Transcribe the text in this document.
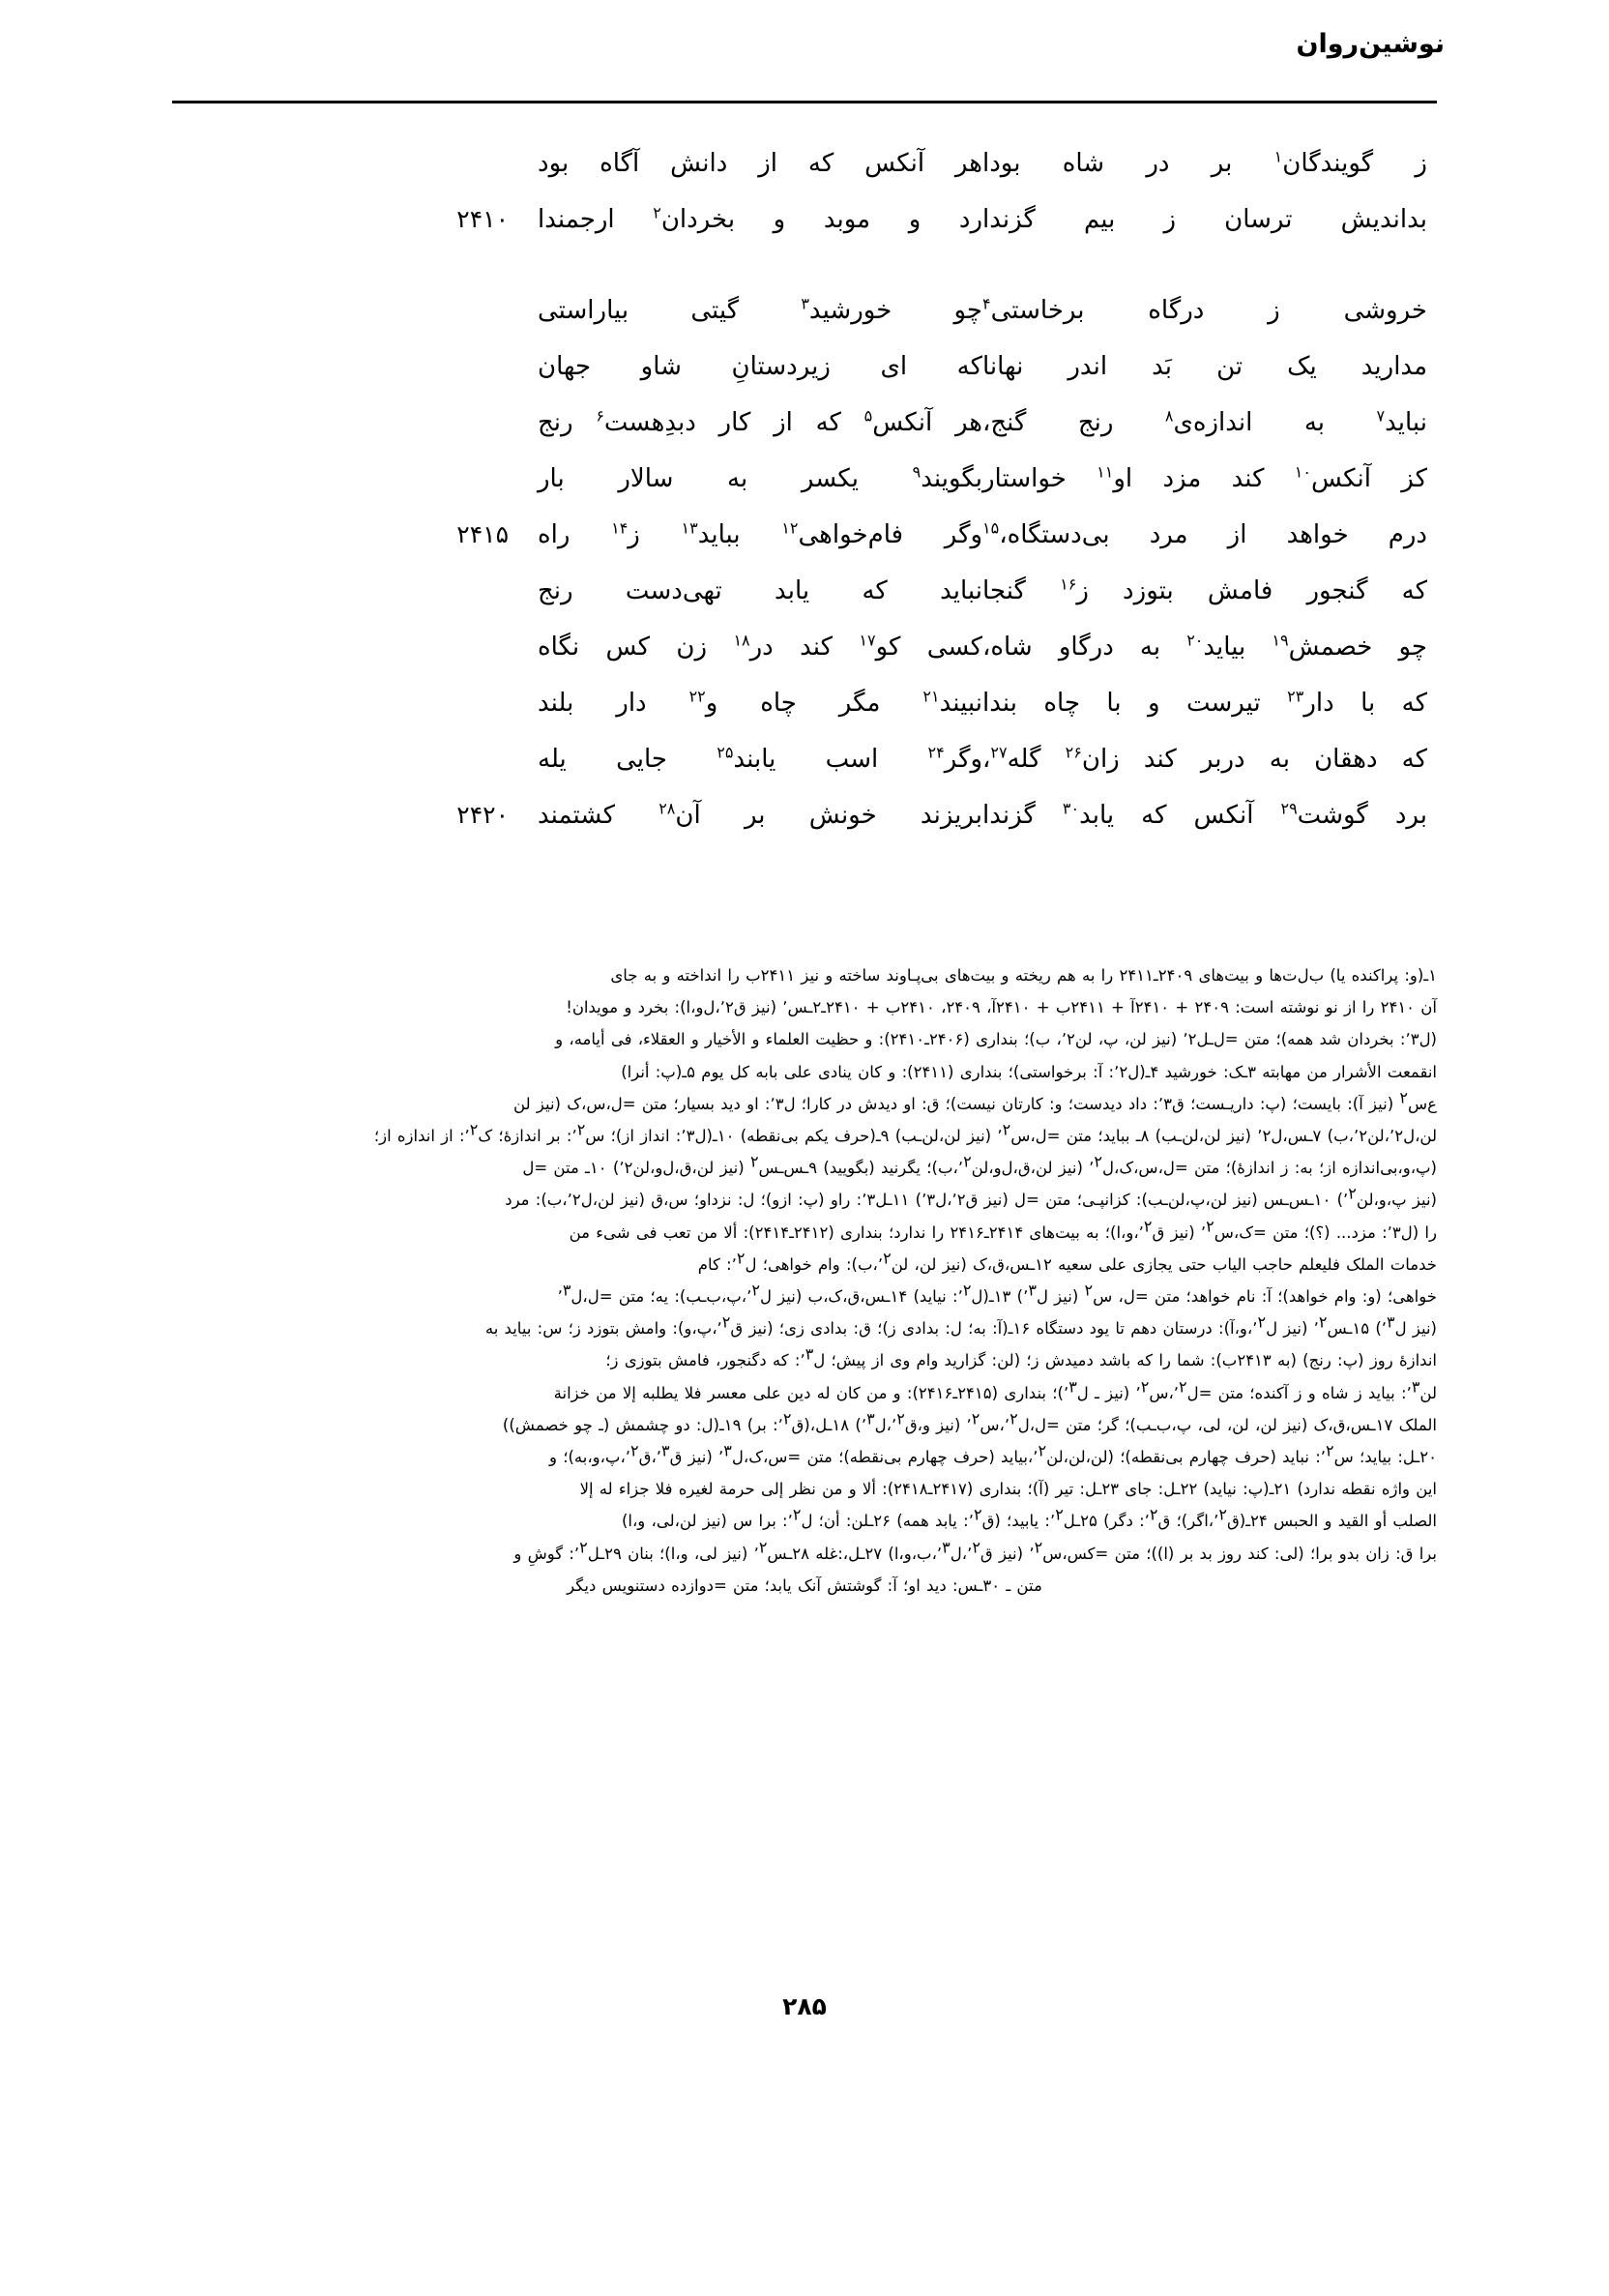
نوشین‌روان
ز گویندگان$^۱$ بر در شاه بودا
هر آنکس که از دانش آگاه بود
بداندیش ترسان ز بیم گزندا
رد و موبد و بخردان$^۲$ ارجمندا
۲۴۱۰
خروشی ز درگاه برخاستی$^۴$
چو خورشید$^۳$ گیتی بیاراستی
مدارید یک تن بَد اندر نهانا
که ای زیردستانِ شاو جهان
نباید$^۷$ به اندازه‌ی$^۸$ رنج گنج،
هر آنکس$^۵$ که از کار دبدِهست$^۶$ رنج
کز آنکس$^{۱۰}$ کند مزد او$^{۱۱}$ خواستار
بگویند$^۹$ یکسر به سالار بار
درم خواهد از مرد بی‌دستگاه،$^{۱۵}$
وگر فام‌خواهی$^{۱۲}$ بباید$^{۱۳}$ ز$^{۱۴}$ راه
۲۴۱۵
که گنجور فامش بتوزد ز$^{۱۶}$ گنجا
نباید که یابد تهی‌دست رنج
چو خصمش$^{۱۹}$ بیاید$^{۲۰}$ به درگاو شاه،
کسی کو$^{۱۷}$ کند در$^{۱۸}$ زن کس نگاه
که با دار$^{۲۳}$ تیرست و با چاه بندا
نبیند$^{۲۱}$ مگر چاه و$^{۲۲}$ دار بلند
که دهقان به دربر کند زان$^{۲۶}$ گله$^{۲۷}$،
وگر$^{۲۴}$ اسب یابند$^{۲۵}$ جایی یله
برد گوشت$^{۲۹}$ آنکس که یابد$^{۳۰}$ گزندا
بریزند خونش بر آن$^{۲۸}$ کشتمند
۲۴۲۰

۱ـ(و: پراکنده یا) ب‌ل‌ت‌ها و بیت‌های ۲۴۰۹ـ۲۴۱۱ را به هم ریخته و بیت‌های بی‌پـاوند ساخته و نیز ۲۴۱۱ب را انداخته و به جای

آن ۲۴۱۰ را از نو نوشته است: ۲۴۰۹ + ۲۴۱۰آ + ۲۴۱۱ب + ۲۴۱۰آ، ۲۴۰۹، ۲۴۱۰ب + ۲۴۱۰ـ۲ـس٬ (نیز ق٬۲،ل‌و،ا): بخرد و مویدان!

(ل٬۳: بخردان شد همه)؛ متن =ل‌ـل٬۲ (نیز لن، پ، لن٬۲، ب)؛ بنداری (۲۴۰۶ـ۲۴۱۰): و حظیت العلماء و الأخیار و العقلاء، فی أیامه، و

انقمعت الأشرار من مهابته ۳ـک: خورشید ۴ـ(ل٬۲: آ: برخواستی)؛ بنداری (۲۴۱۱): و کان ینادی علی بابه کل یوم ۵ـ(پ: أنرا)

ع‌س$^۲$ (نیز آ): بایست؛ (پ: داریـست؛ ق٬۳: داد دیدست؛ و: کارتان نیست)؛ ق: او دیدش در کارا؛ ل٬۳: او دید بسیار؛ متن =ل،س،ک (نیز لن

لن،ل٬۲،لن٬۲،ب) ۷ـس،ل٬۲ (نیز لن،لن‌ـب) ۸ـ بباید؛ متن =ل،س٬$^۲$ (نیز لن،لن‌ـب) ۹ـ(حرف یکم بی‌نقطه) ۱۰ـ(ل٬۳: انداز از)؛ س٬$^۲$: بر اندازهٔ؛ ک٬$^۲$: از اندازه از؛

(پ،و،بی‌اندازه از؛ به: ز اندازهٔ)؛ متن =ل،س،ک،ل٬$^۲$ (نیز لن،ق،ل‌و،لن٬$^۲$،ب)؛ یگرنید (بگویید) ۹ـس‌ـس$^۲$ (نیز لن،ق،ل‌و،لن٬۲) ۱۰ـ متن =ل

(نیز پ،و،لن٬$^۲$) ۱۰ـس‌ـس (نیز لن،پ،لن‌ـب): کزانپـی؛ متن =ل (نیز ق٬۲،ل٬۳) ۱۱ـل٬۳: راو (پ: ازو)؛ ل: نزداو؛ س،ق (نیز لن،ل٬۲،ب): مرد

را (ل٬۳: مزد... (؟)؛ متن =ک،س٬$^۲$ (نیز ق٬$^۲$،و،ا)؛ به بیت‌های ۲۴۱۴ـ۲۴۱۶ را ندارد؛ بنداری (۲۴۱۲ـ۲۴۱۴): ألا من تعب فی شی‌ء من

خدمات الملک فلیعلم حاجب الیاب حتی یجازی علی سعیه ۱۲ـس،ق،ک (نیز لن، لن٬$^۲$،ب): وام خواهی؛ ل٬$^۲$: کام

خواهی؛ (و: وام خواهد)؛ آ: نام خواهد؛ متن =ل، س$^۲$ (نیز ل٬$^۳$) ۱۳ـ(ل٬$^۲$: نیاید) ۱۴ـس،ق،ک،ب (نیز ل٬$^۲$،پ،ب‌ـب): یه؛ متن =ل،ل٬$^۳$

(نیز ل٬$^۳$) ۱۵ـس٬$^۲$ (نیز ل٬$^۲$،و،آ): درستان دهم تا یود دستگاه ۱۶ـ(آ: به؛ ل: بدادی ز)؛ ق: بدادی زی؛ (نیز ق٬$^۲$،پ،و): وامش بتوزد ز؛ س: بیاید به

اندازهٔ روز (پ: رنج) (به ۲۴۱۳ب): شما را که باشد دمیدش ز؛ (لن: گزارید وام وی از پیش؛ ل٬$^۳$: که دگنجور، فامش بتوزی ز؛

لن٬$^۳$: بیاید ز شاه و ز آکنده؛ متن =ل٬$^۲$،س٬$^۲$ (نیز ـ ل٬$^۳$)؛ بنداری (۲۴۱۵ـ۲۴۱۶): و من کان له دین علی معسر فلا یطلبه إلا من خزانة

الملک ۱۷ـس،ق،ک (نیز لن، لن، لی، پ،ب‌ـب)؛ گر؛ متن =ل،ل٬$^۲$،س٬$^۲$ (نیز و،ق٬$^۲$،ل٬$^۳$) ۱۸ـل،(ق٬$^۲$: بر) ۱۹ـ(ل: دو چشمش (ـ چو خصمش))

۲۰ـل: بیاید؛ س٬$^۲$: نباید (حرف چهارم بی‌نقطه)؛ (لن،لن،لن٬$^۲$،بیاید (حرف چهارم بی‌نقطه)؛ متن =س،ک،ل٬$^۳$ (نیز ق٬$^۳$،ق٬$^۲$،پ،و،به)؛ و

این واژه نقطه ندارد) ۲۱ـ(پ: نیاید) ۲۲ـل: جای ۲۳ـل: تیر (آ)؛ بنداری (۲۴۱۷ـ۲۴۱۸): ألا و من نظر إلی حرمة لغیره فلا جزاء له إلا

الصلب أو القید و الحبس ۲۴ـ(ق٬$^۲$،اگر)؛ ق٬$^۲$: دگر) ۲۵ـل٬$^۲$: یابید؛ (ق٬$^۲$: یابد همه) ۲۶ـلن: أن؛ ل٬$^۲$: برا س (نیز لن،لی، و،ا)

برا ق: زان بدو برا؛ (لی: کند روز بد بر (ا))؛ متن =کس،س٬$^۲$ (نیز ق٬$^۲$،ل٬$^۳$،ب،و،ا) ۲۷ـل،:غله ۲۸ـس٬$^۲$ (نیز لی، و،ا)؛ بنان ۲۹ـل٬$^۲$: گوشِ و

متن ـ ۳۰ـس: دید او؛ آ: گوشتش آنک یابد؛ متن =دوازده دستنویس دیگر

۲۸۵
